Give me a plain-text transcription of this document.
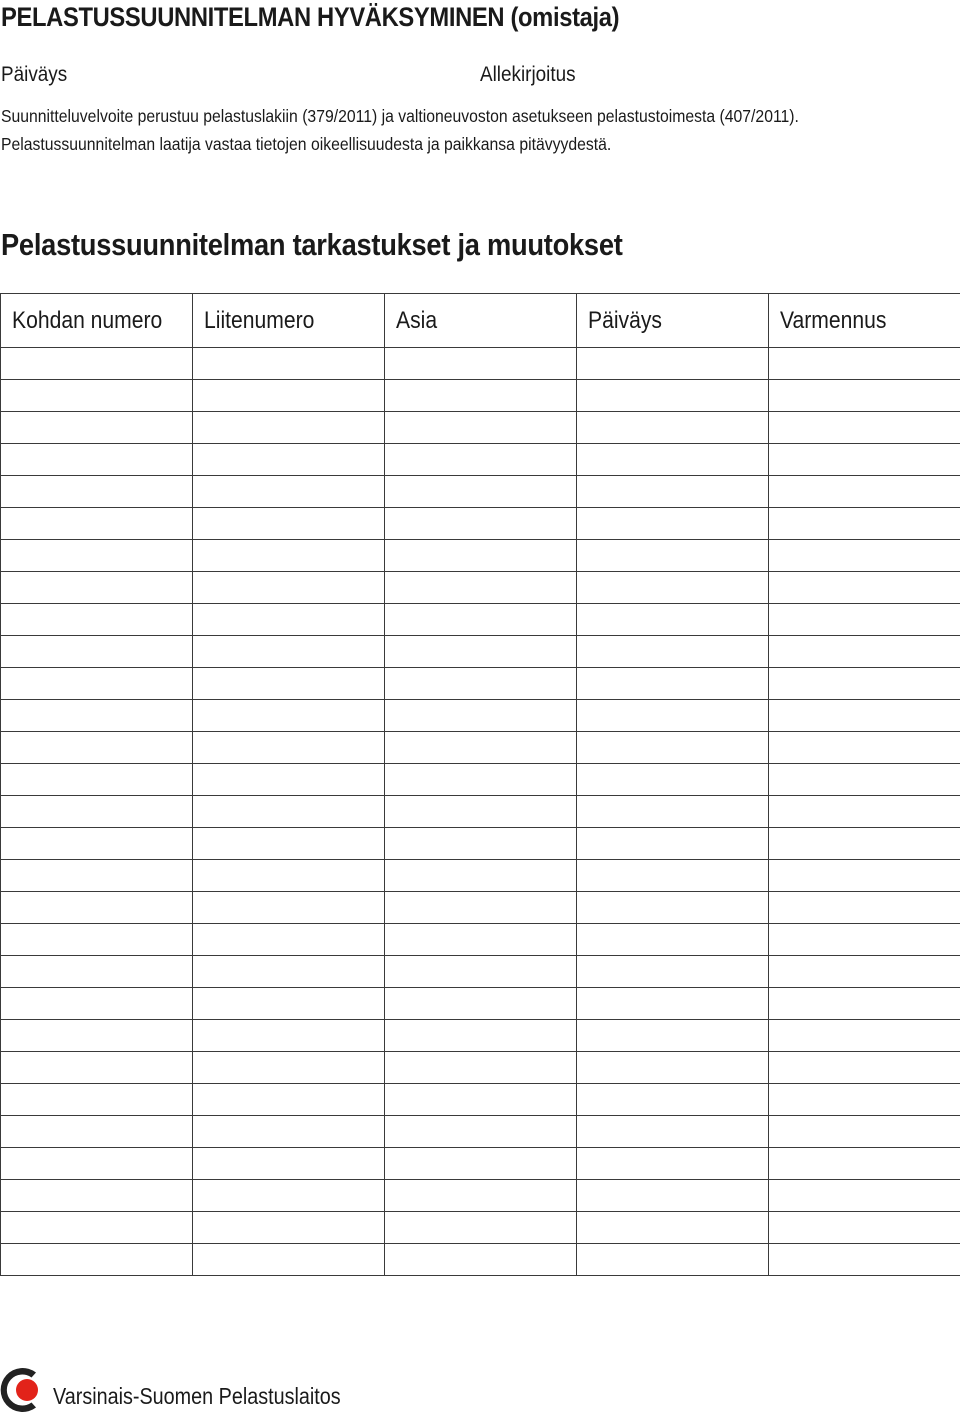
PELASTUSSUUNNITELMAN HYVÄKSYMINEN (omistaja)
Päiväys	Allekirjoitus
Suunnitteluvelvoite perustuu pelastuslakiin (379/2011) ja valtioneuvoston asetukseen pelastustoimesta (407/2011).
Pelastussuunnitelman laatija vastaa tietojen oikeellisuudesta ja paikkansa pitävyydestä.
Pelastussuunnitelman tarkastukset ja muutokset
Kohdan numero	Liitenumero	Asia	Päiväys	Varmennus

Varsinais-Suomen Pelastuslaitos
